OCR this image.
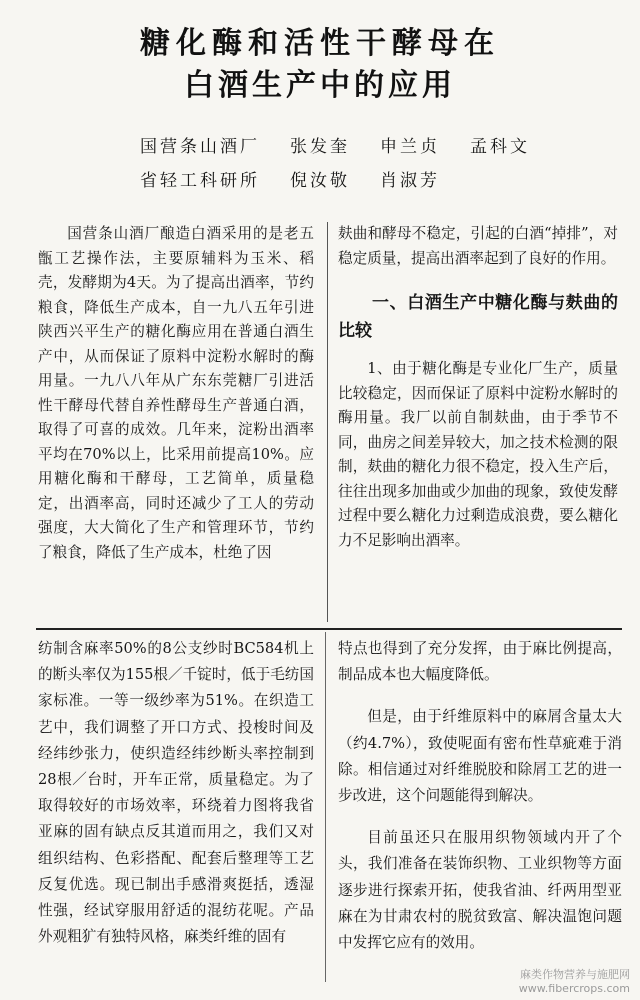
糖化酶和活性干酵母在
白酒生产中的应用
国营条山酒厂 张发奎 申兰贞 孟科文
省轻工科研所 倪汝敬 肖淑芳

国营条山酒厂酿造白酒采用的是老五甑工艺操作法，主要原辅料为玉米、稻壳，发酵期为4天。为了提高出酒率，节约粮食，降低生产成本，自一九八五年引进陕西兴平生产的糖化酶应用在普通白酒生产中，从而保证了原料中淀粉水解时的酶用量。一九八八年从广东东莞糖厂引进活性干酵母代替自养性酵母生产普通白酒，取得了可喜的成效。几年来，淀粉出酒率平均在70%以上，比采用前提高10%。应用糖化酶和干酵母，工艺简单，质量稳定，出酒率高，同时还减少了工人的劳动强度，大大简化了生产和管理环节，节约了粮食，降低了生产成本，杜绝了因

麸曲和酵母不稳定，引起的白酒“掉排”，对稳定质量，提高出酒率起到了良好的作用。

一、白酒生产中糖化酶与麸曲的比较

1、由于糖化酶是专业化厂生产，质量比较稳定，因而保证了原料中淀粉水解时的酶用量。我厂以前自制麸曲，由于季节不同，曲房之间差异较大，加之技术检测的限制，麸曲的糖化力很不稳定，投入生产后，往往出现多加曲或少加曲的现象，致使发酵过程中要么糖化力过剩造成浪费，要么糖化力不足影响出酒率。

纺制含麻率50%的8公支纱时BC584机上的断头率仅为155根／千锭时，低于毛纺国家标准。一等一级纱率为51%。在织造工艺中，我们调整了开口方式、投梭时间及经纬纱张力，使织造经纬纱断头率控制到28根／台时，开车正常，质量稳定。为了取得较好的市场效率，环绕着力图将我省亚麻的固有缺点反其道而用之，我们又对组织结构、色彩搭配、配套后整理等工艺反复优选。现已制出手感滑爽挺括，透湿性强，经试穿服用舒适的混纺花呢。产品外观粗犷有独特风格，麻类纤维的固有

特点也得到了充分发挥，由于麻比例提高，制品成本也大幅度降低。

但是，由于纤维原料中的麻屑含量太大（约4.7%），致使呢面有密布性草疵难于消除。相信通过对纤维脱胶和除屑工艺的进一步改进，这个问题能得到解决。

目前虽还只在服用织物领域内开了个头，我们准备在装饰织物、工业织物等方面逐步进行探索开拓，使我省油、纤两用型亚麻在为甘肃农村的脱贫致富、解决温饱问题中发挥它应有的效用。

麻类作物营养与施肥网
www.fibercrops.com
